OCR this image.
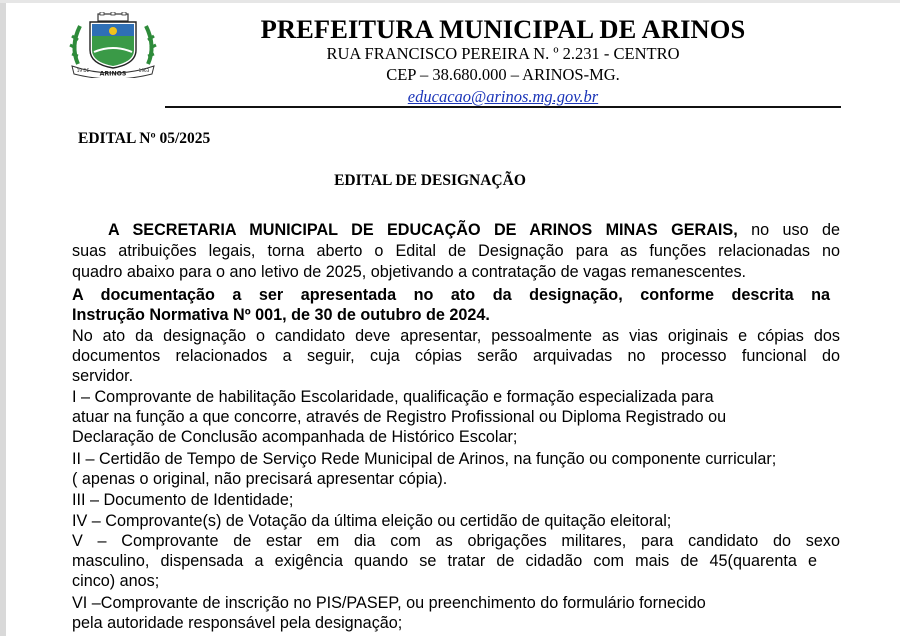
ARINOS
19 DE	1963
PREFEITURA MUNICIPAL DE ARINOS
RUA FRANCISCO PEREIRA N. º 2.231 - CENTRO
CEP – 38.680.000 – ARINOS-MG.
educacao@arinos.mg.gov.br
EDITAL Nº 05/2025
EDITAL DE DESIGNAÇÃO
A SECRETARIA MUNICIPAL DE EDUCAÇÃO DE ARINOS MINAS GERAIS, no uso de
suas atribuições legais, torna aberto o Edital de Designação para as funções relacionadas no
quadro abaixo para o ano letivo de 2025, objetivando a contratação de vagas remanescentes.
A documentação a ser apresentada no ato da designação, conforme descrita na
Instrução Normativa Nº 001, de 30 de outubro de 2024.
No ato da designação o candidato deve apresentar, pessoalmente as vias originais e cópias dos
documentos relacionados a seguir, cuja cópias serão arquivadas no processo funcional do
servidor.
I – Comprovante de habilitação Escolaridade, qualificação e formação especializada para
atuar na função a que concorre, através de Registro Profissional ou Diploma Registrado ou
Declaração de Conclusão acompanhada de Histórico Escolar;
II – Certidão de Tempo de Serviço Rede Municipal de Arinos, na função ou componente curricular;
( apenas o original, não precisará apresentar cópia).
III – Documento de Identidade;
IV – Comprovante(s) de Votação da última eleição ou certidão de quitação eleitoral;
V – Comprovante de estar em dia com as obrigações militares, para candidato do sexo
masculino, dispensada a exigência quando se tratar de cidadão com mais de 45(quarenta e
cinco) anos;
VI –Comprovante de inscrição no PIS/PASEP, ou preenchimento do formulário fornecido
pela autoridade responsável pela designação;
